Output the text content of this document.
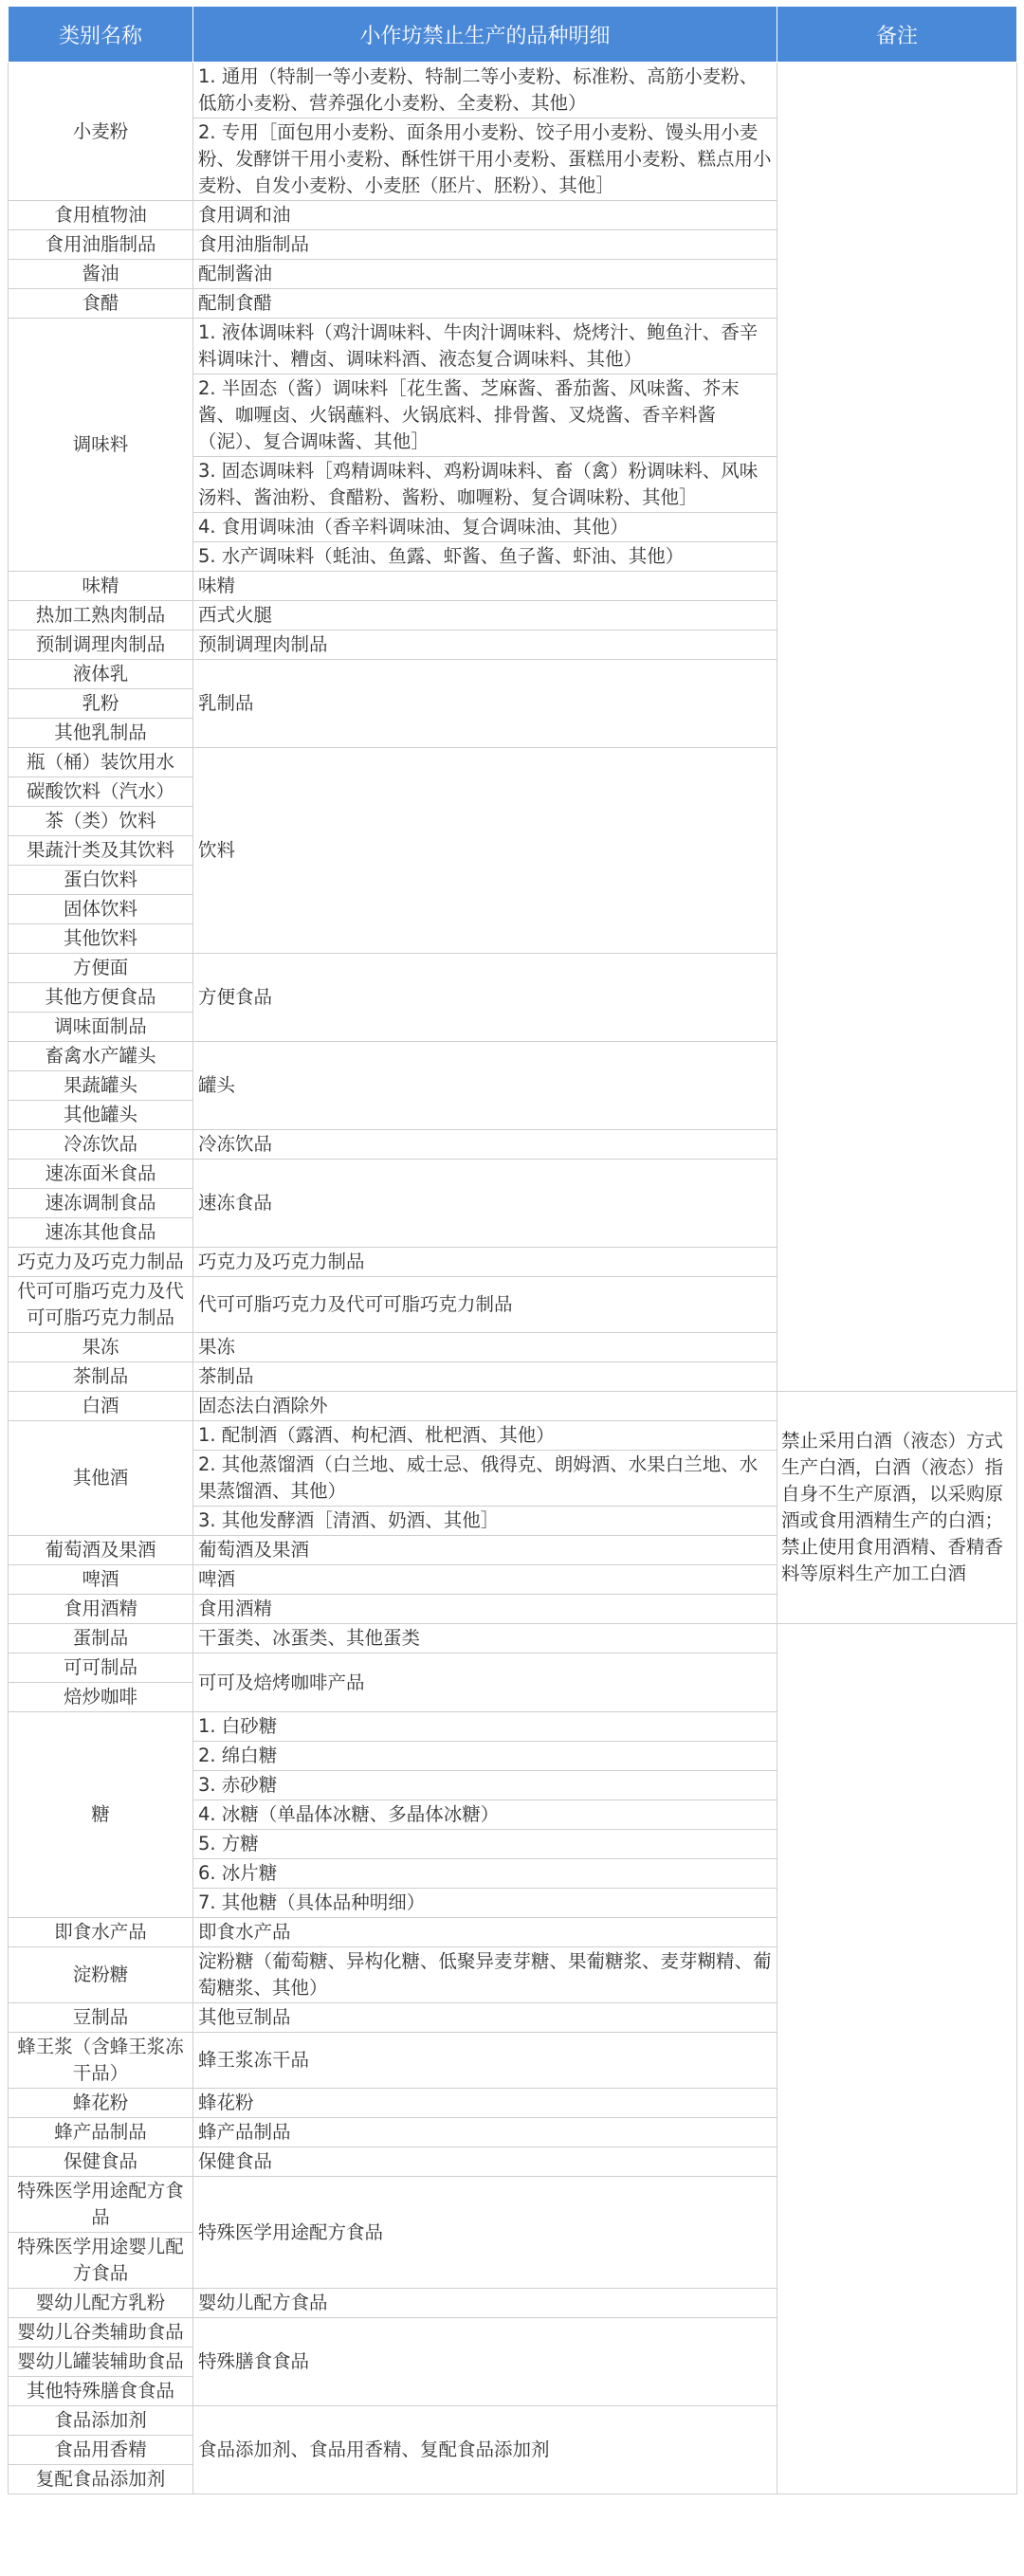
类别名称	小作坊禁止生产的品种明细	备注
小麦粉	1. 通用（特制一等小麦粉、特制二等小麦粉、标准粉、高筋小麦粉、低筋小麦粉、营养强化小麦粉、全麦粉、其他）	
	2. 专用［面包用小麦粉、面条用小麦粉、饺子用小麦粉、馒头用小麦粉、发酵饼干用小麦粉、酥性饼干用小麦粉、蛋糕用小麦粉、糕点用小麦粉、自发小麦粉、小麦胚（胚片、胚粉）、其他］	
食用植物油	食用调和油	
食用油脂制品	食用油脂制品	
酱油	配制酱油	
食醋	配制食醋	
调味料	1. 液体调味料（鸡汁调味料、牛肉汁调味料、烧烤汁、鲍鱼汁、香辛料调味汁、糟卤、调味料酒、液态复合调味料、其他）	
	2. 半固态（酱）调味料［花生酱、芝麻酱、番茄酱、风味酱、芥末酱、咖喱卤、火锅蘸料、火锅底料、排骨酱、叉烧酱、香辛料酱（泥）、复合调味酱、其他］	
	3. 固态调味料［鸡精调味料、鸡粉调味料、畜（禽）粉调味料、风味汤料、酱油粉、食醋粉、酱粉、咖喱粉、复合调味粉、其他］	
	4. 食用调味油（香辛料调味油、复合调味油、其他）	
	5. 水产调味料（蚝油、鱼露、虾酱、鱼子酱、虾油、其他）	
味精	味精	
热加工熟肉制品	西式火腿	
预制调理肉制品	预制调理肉制品	
液体乳	乳制品	
乳粉		
其他乳制品		
瓶（桶）装饮用水	饮料	
碳酸饮料（汽水）		
茶（类）饮料		
果蔬汁类及其饮料		
蛋白饮料		
固体饮料		
其他饮料		
方便面	方便食品	
其他方便食品		
调味面制品		
畜禽水产罐头	罐头	
果蔬罐头		
其他罐头		
冷冻饮品	冷冻饮品	
速冻面米食品	速冻食品	
速冻调制食品		
速冻其他食品		
巧克力及巧克力制品	巧克力及巧克力制品	
代可可脂巧克力及代可可脂巧克力制品	代可可脂巧克力及代可可脂巧克力制品	
果冻	果冻	
茶制品	茶制品	
白酒	固态法白酒除外	禁止采用白酒（液态）方式生产白酒，白酒（液态）指自身不生产原酒，以采购原酒或食用酒精生产的白酒；禁止使用食用酒精、香精香料等原料生产加工白酒
其他酒	1. 配制酒（露酒、枸杞酒、枇杷酒、其他）	
	2. 其他蒸馏酒（白兰地、威士忌、俄得克、朗姆酒、水果白兰地、水果蒸馏酒、其他）	
	3. 其他发酵酒［清酒、奶酒、其他］	
葡萄酒及果酒	葡萄酒及果酒	
啤酒	啤酒	
食用酒精	食用酒精	
蛋制品	干蛋类、冰蛋类、其他蛋类	
可可制品	可可及焙烤咖啡产品	
焙炒咖啡		
糖	1. 白砂糖	
	2. 绵白糖	
	3. 赤砂糖	
	4. 冰糖（单晶体冰糖、多晶体冰糖）	
	5. 方糖	
	6. 冰片糖	
	7. 其他糖（具体品种明细）	
即食水产品	即食水产品	
淀粉糖	淀粉糖（葡萄糖、异构化糖、低聚异麦芽糖、果葡糖浆、麦芽糊精、葡萄糖浆、其他）	
豆制品	其他豆制品	
蜂王浆（含蜂王浆冻干品）	蜂王浆冻干品	
蜂花粉	蜂花粉	
蜂产品制品	蜂产品制品	
保健食品	保健食品	
特殊医学用途配方食品	特殊医学用途配方食品	
特殊医学用途婴儿配方食品		
婴幼儿配方乳粉	婴幼儿配方食品	
婴幼儿谷类辅助食品	特殊膳食食品	
婴幼儿罐装辅助食品		
其他特殊膳食食品		
食品添加剂	食品添加剂、食品用香精、复配食品添加剂	
食品用香精		
复配食品添加剂		
